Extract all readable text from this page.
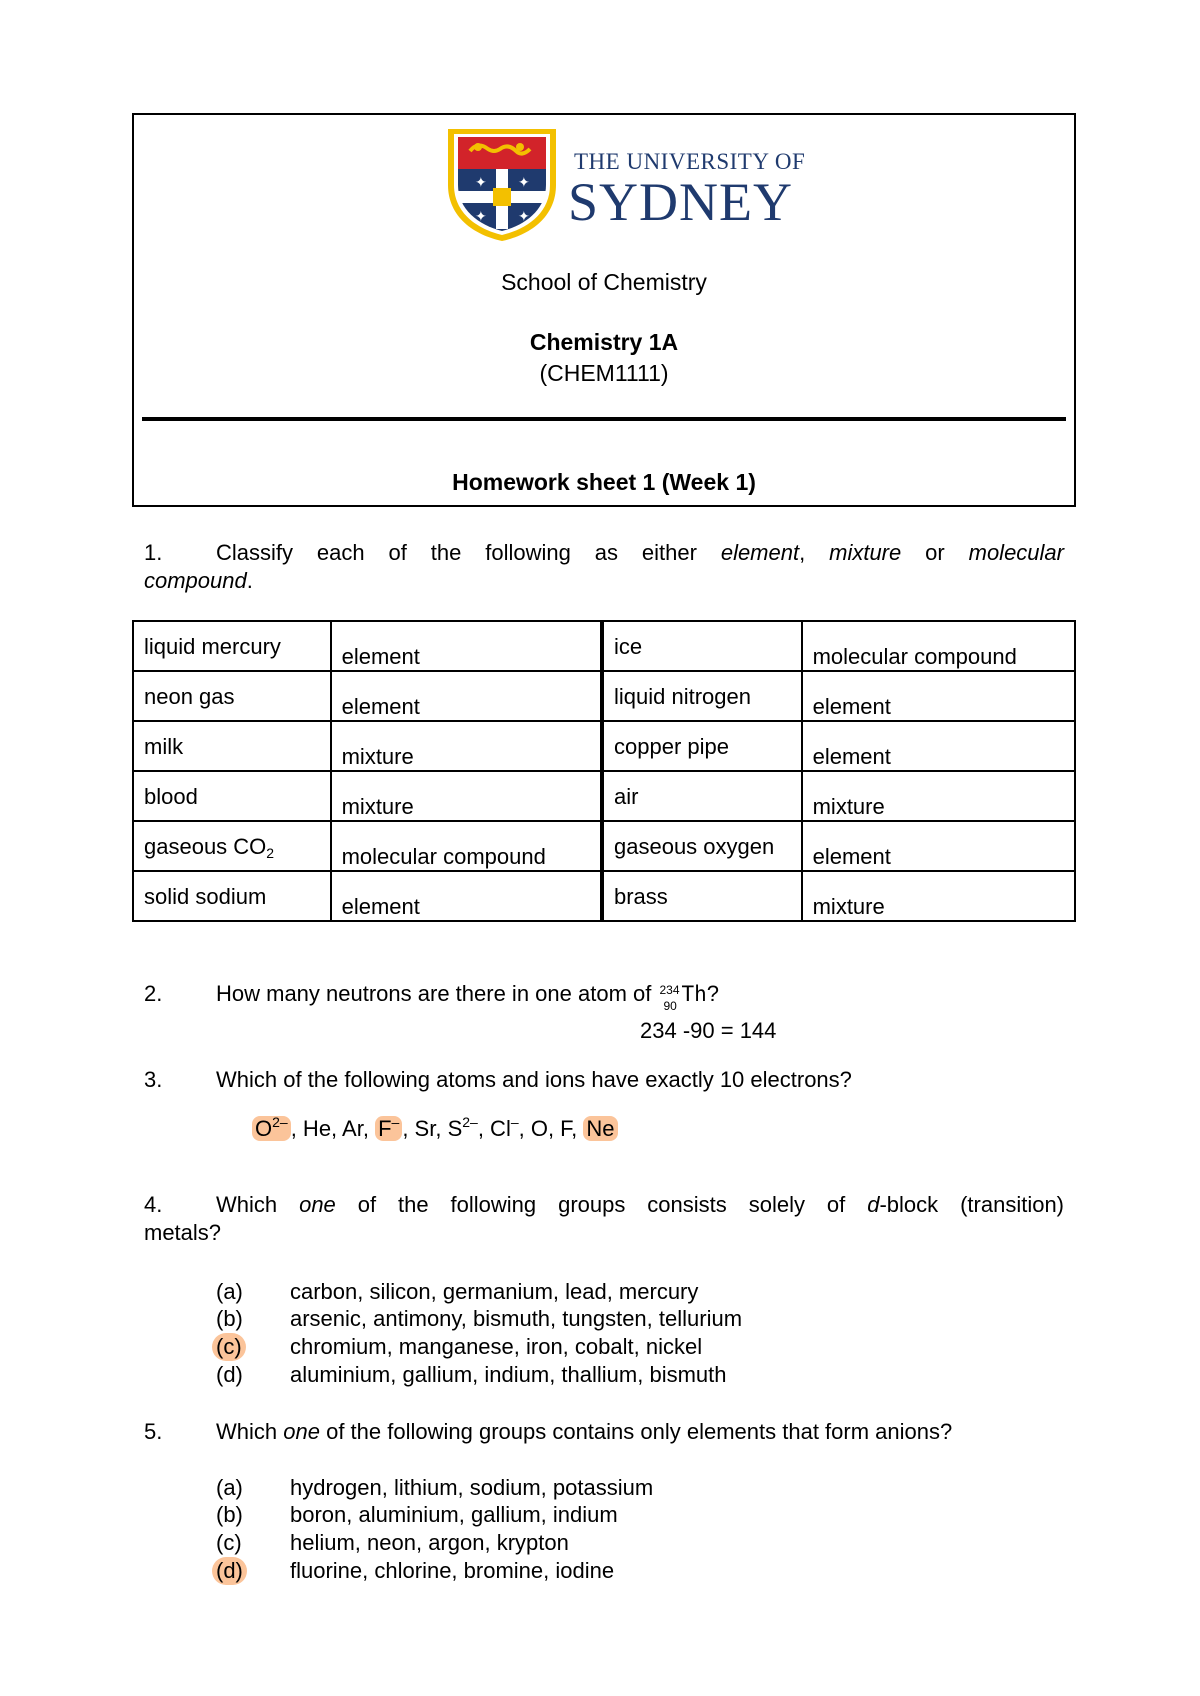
✦ ✦
✦ ✦
THE UNIVERSITY OF
SYDNEY
School of Chemistry
Chemistry 1A
(CHEM1111)
Homework sheet 1 (Week 1)
1. Classify each of the following as either element, mixture or molecular
compound.
liquid mercury	element	ice	molecular compound
neon gas	element	liquid nitrogen	element
milk	mixture	copper pipe	element
blood	mixture	air	mixture
gaseous $CO_2$	molecular compound	gaseous oxygen	element
solid sodium	element	brass	mixture
2. How many neutrons are there in one atom of 234
90 Th?
234 -90 = 144
3. Which of the following atoms and ions have exactly 10 electrons?
$O^{2-}$ , He, Ar, F– , Sr, $S^{2-}$, Cl–, O, F, Ne
4. Which one of the following groups consists solely of d-block (transition)
metals?
(a) carbon, silicon, germanium, lead, mercury
(b) arsenic, antimony, bismuth, tungsten, tellurium
(c) chromium, manganese, iron, cobalt, nickel
(d) aluminium, gallium, indium, thallium, bismuth
5. Which one of the following groups contains only elements that form anions?
(a) hydrogen, lithium, sodium, potassium
(b) boron, aluminium, gallium, indium
(c) helium, neon, argon, krypton
(d) fluorine, chlorine, bromine, iodine
